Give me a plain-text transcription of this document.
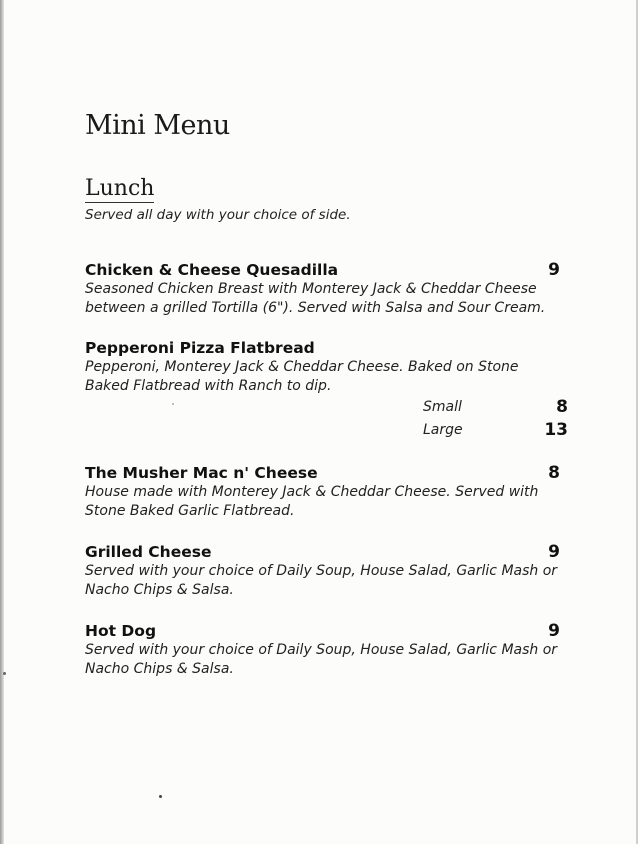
Mini Menu
Lunch
Served all day with your choice of side.
Chicken & Cheese Quesadilla	9
Seasoned Chicken Breast with Monterey Jack & Cheddar Cheese
between a grilled Tortilla (6"). Served with Salsa and Sour Cream.
Pepperoni Pizza Flatbread
Pepperoni, Monterey Jack & Cheddar Cheese. Baked on Stone
Baked Flatbread with Ranch to dip.
Small	8
Large	13
The Musher Mac n' Cheese	8
House made with Monterey Jack & Cheddar Cheese. Served with
Stone Baked Garlic Flatbread.
Grilled Cheese	9
Served with your choice of Daily Soup, House Salad, Garlic Mash or
Nacho Chips & Salsa.
Hot Dog	9
Served with your choice of Daily Soup, House Salad, Garlic Mash or
Nacho Chips & Salsa.
